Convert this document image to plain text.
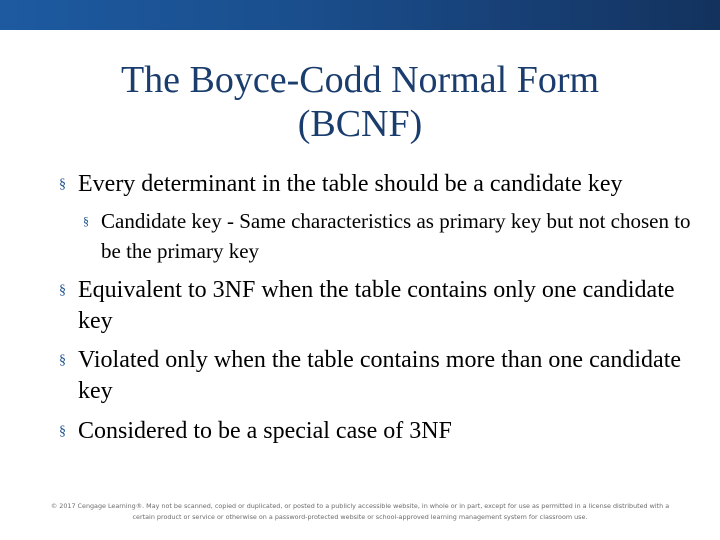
The Boyce-Codd Normal Form
(BCNF)

§ Every determinant in the table should be a candidate key

§ Candidate key - Same characteristics as primary key but not chosen to be the primary key

§ Equivalent to 3NF when the table contains only one candidate key

§ Violated only when the table contains more than one candidate key

§ Considered to be a special case of 3NF

© 2017 Cengage Learning®. May not be scanned, copied or duplicated, or posted to a publicly accessible website, in whole or in part, except for use as permitted in a license distributed with a
certain product or service or otherwise on a password-protected website or school-approved learning management system for classroom use.
